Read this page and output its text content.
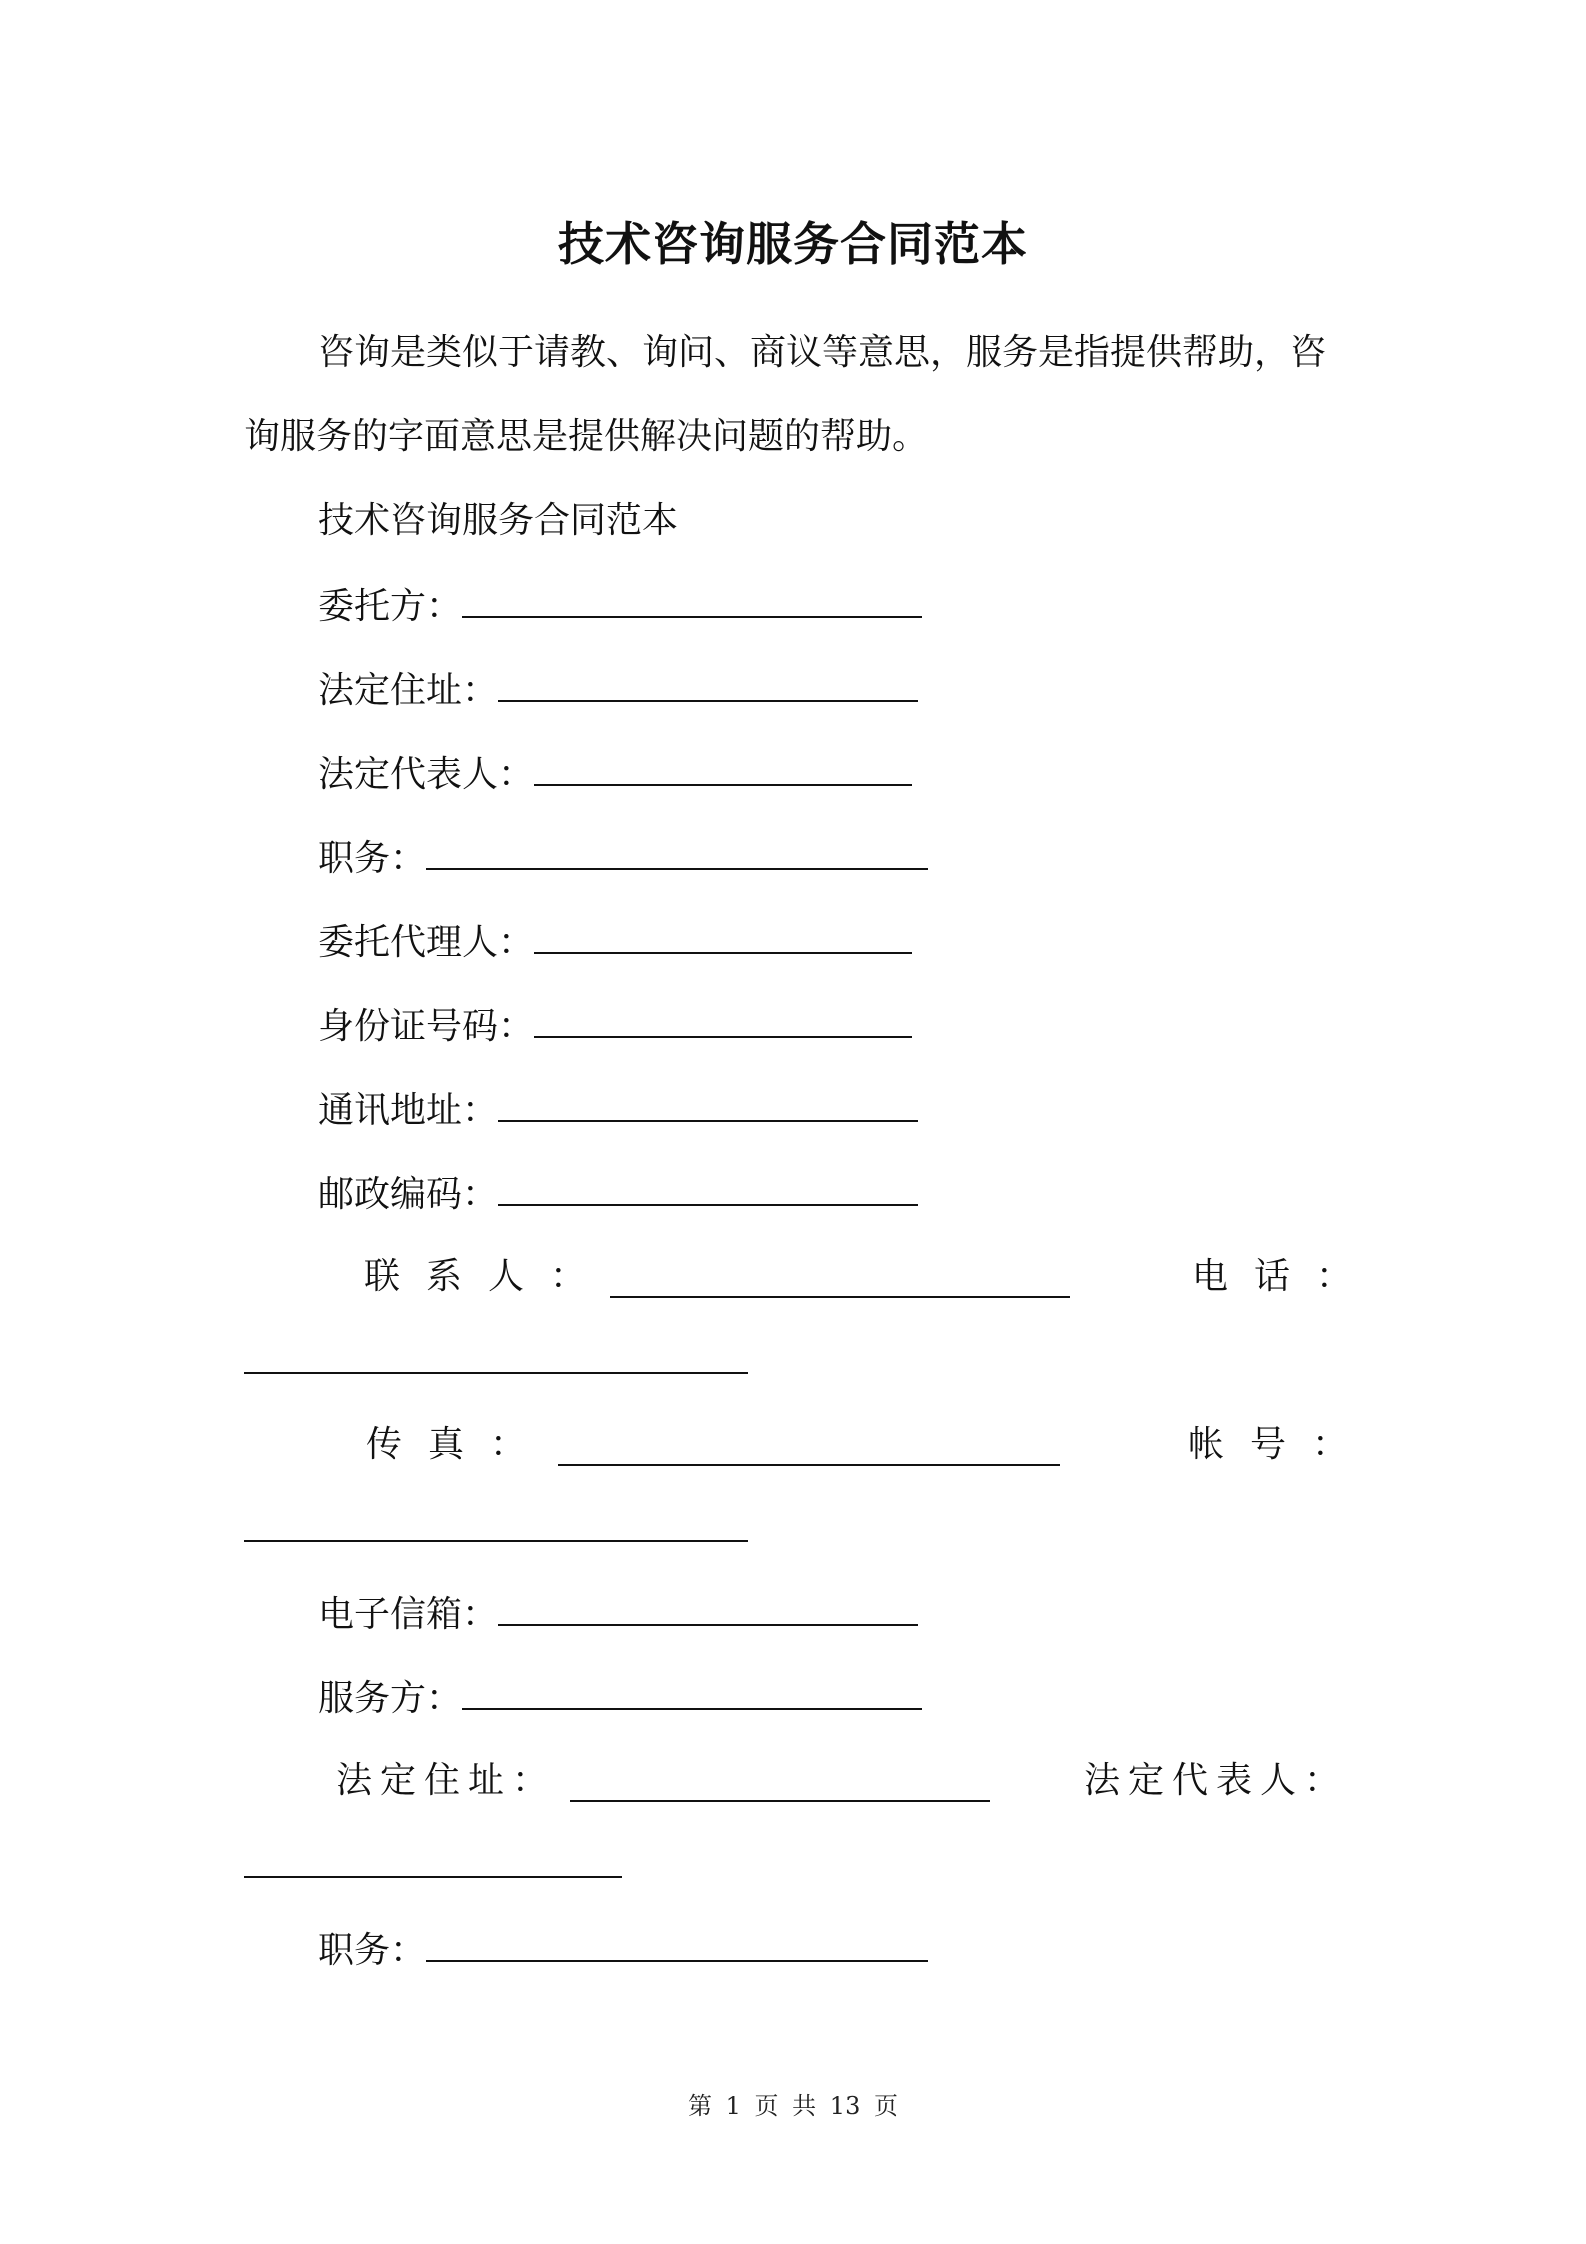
技术咨询服务合同范本
咨询是类似于请教、询问、商议等意思，服务是指提供帮助，咨
询服务的字面意思是提供解决问题的帮助。
技术咨询服务合同范本
委托方：
法定住址：
法定代表人：
职务：
委托代理人：
身份证号码：
通讯地址：
邮政编码：
联系人：	电话：
传真：	帐号：
电子信箱：
服务方：
法定住址：	法定代表人：
职务：
第 1 页 共 13 页
